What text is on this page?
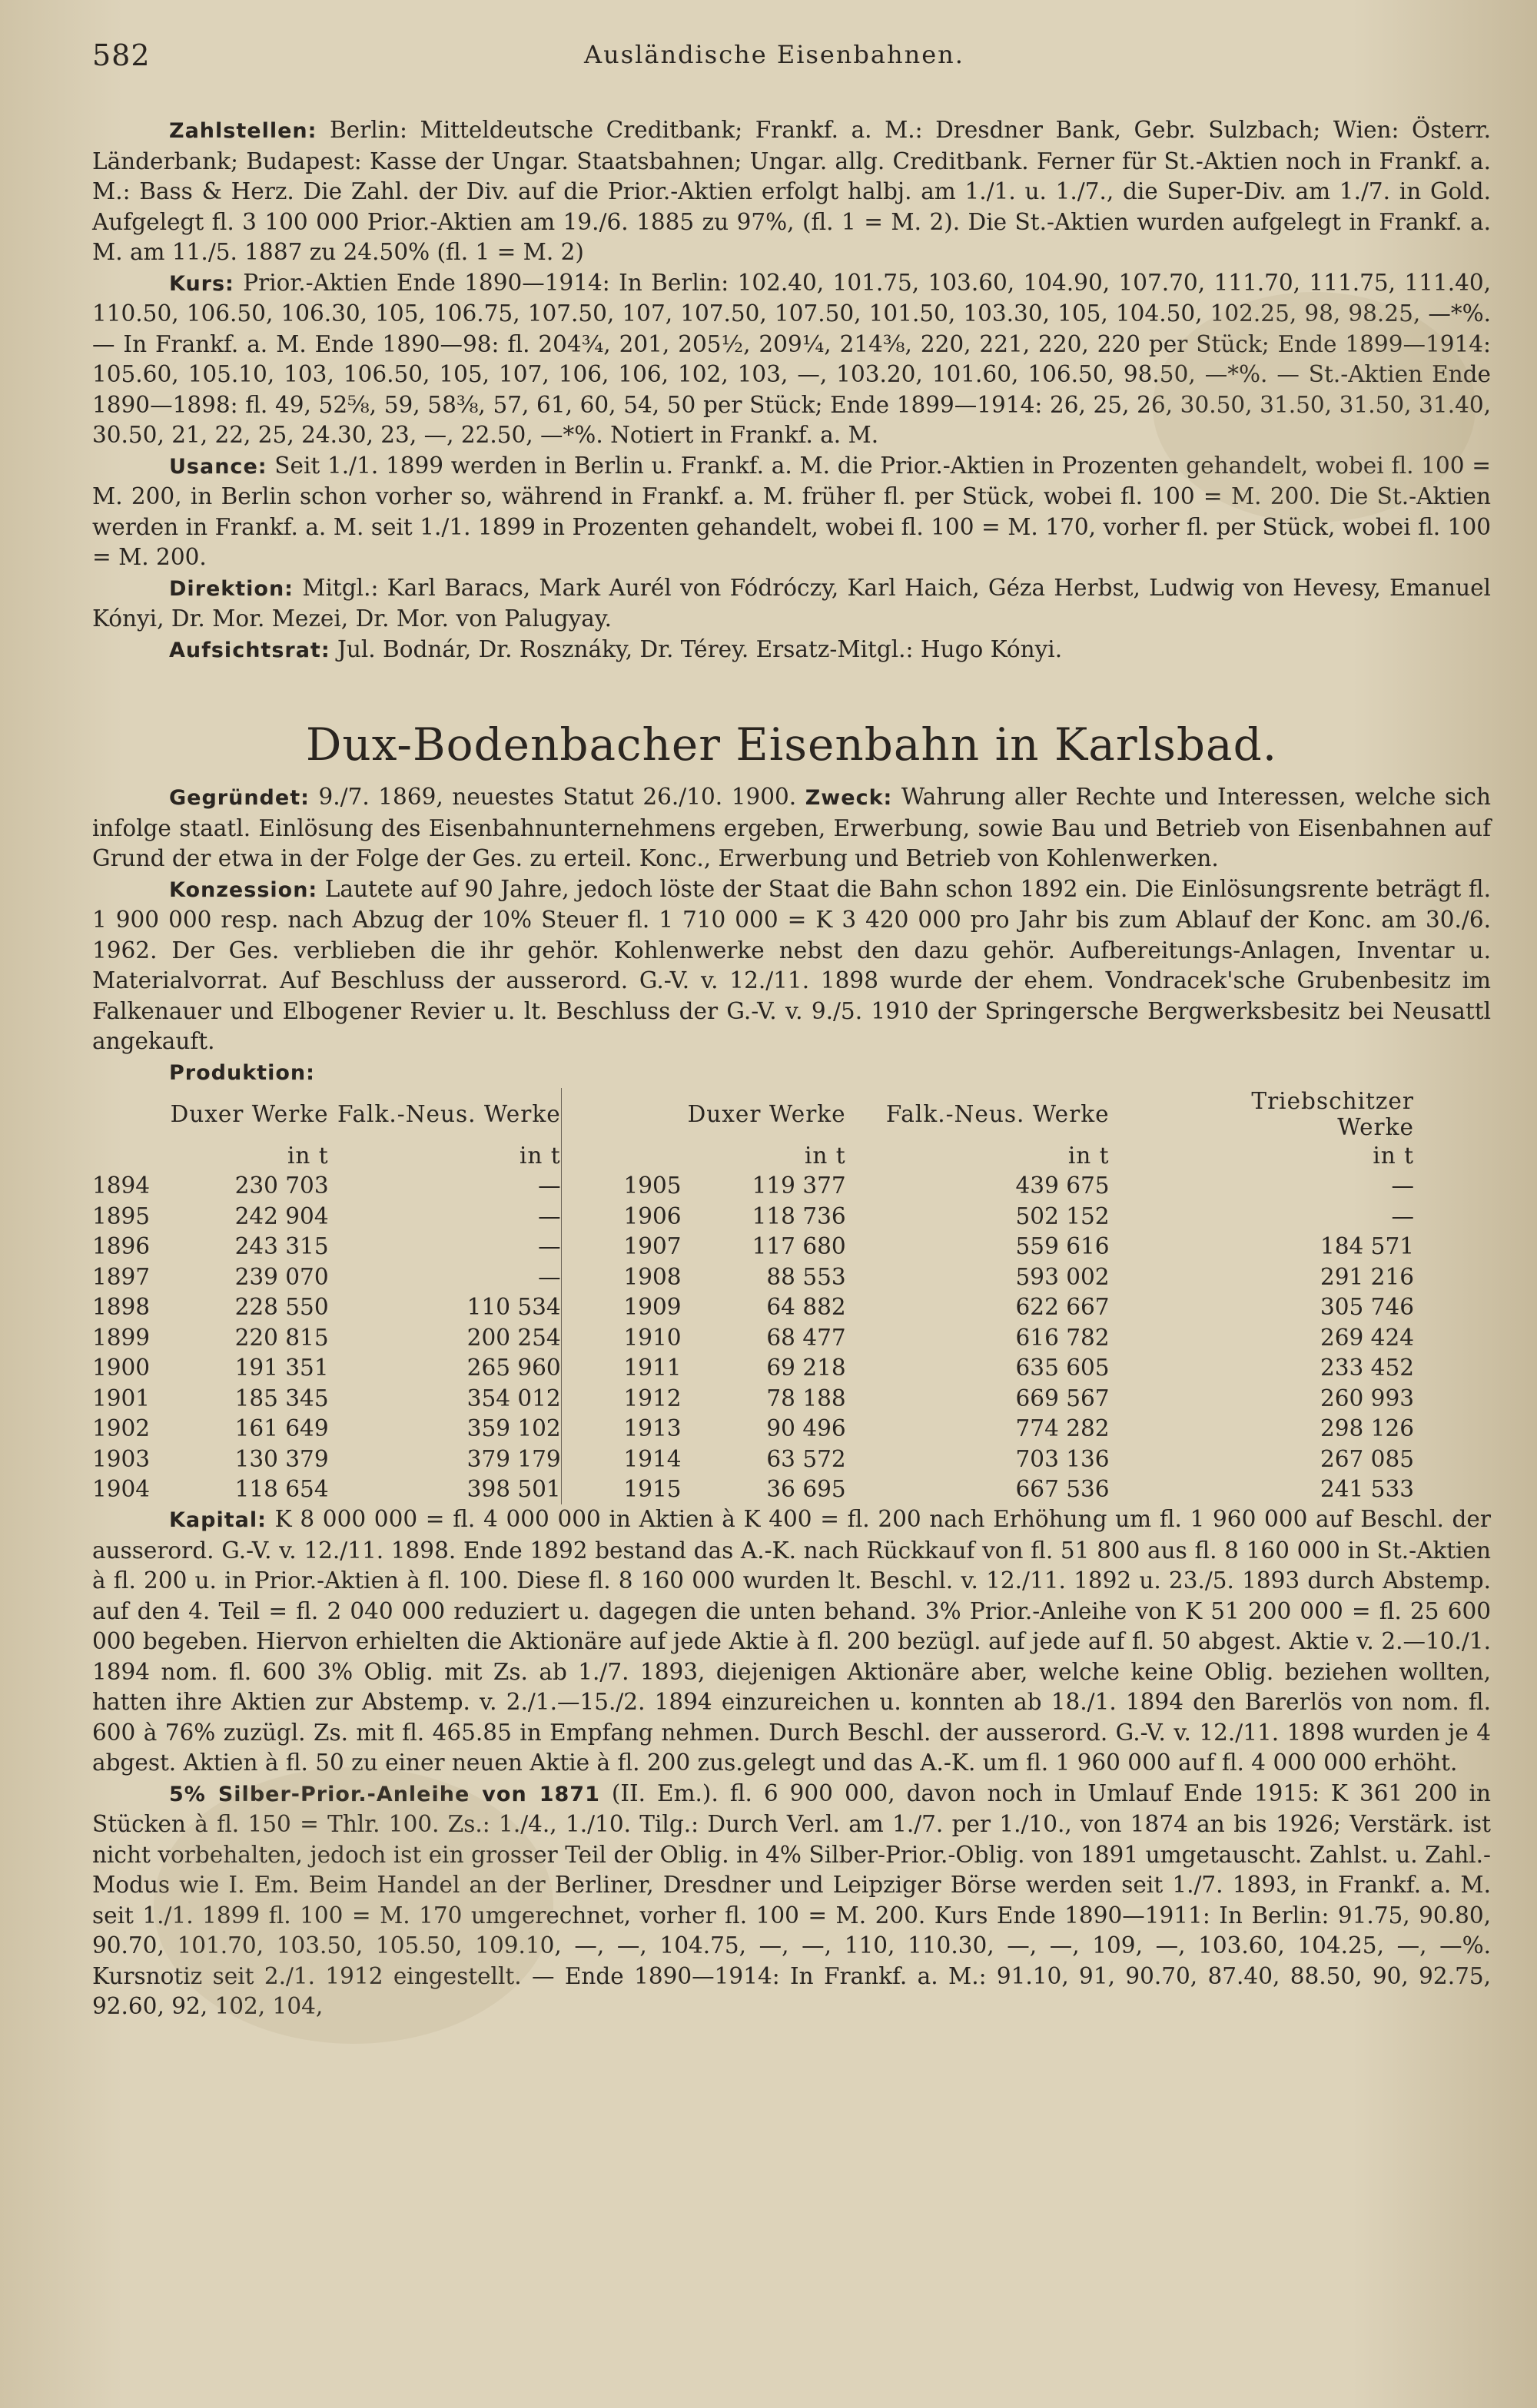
582	Ausländische Eisenbahnen.

Zahlstellen: Berlin: Mitteldeutsche Creditbank; Frankf. a. M.: Dresdner Bank, Gebr. Sulzbach; Wien: Österr. Länderbank; Budapest: Kasse der Ungar. Staatsbahnen; Ungar. allg. Creditbank. Ferner für St.-Aktien noch in Frankf. a. M.: Bass & Herz. Die Zahl. der Div. auf die Prior.-Aktien erfolgt halbj. am 1./1. u. 1./7., die Super-Div. am 1./7. in Gold. Aufgelegt fl. 3 100 000 Prior.-Aktien am 19./6. 1885 zu 97%, (fl. 1 = M. 2). Die St.-Aktien wurden aufgelegt in Frankf. a. M. am 11./5. 1887 zu 24.50% (fl. 1 = M. 2)

Kurs: Prior.-Aktien Ende 1890—1914: In Berlin: 102.40, 101.75, 103.60, 104.90, 107.70, 111.70, 111.75, 111.40, 110.50, 106.50, 106.30, 105, 106.75, 107.50, 107, 107.50, 107.50, 101.50, 103.30, 105, 104.50, 102.25, 98, 98.25, —*%. — In Frankf. a. M. Ende 1890—98: fl. 204¾, 201, 205½, 209¼, 214⅜, 220, 221, 220, 220 per Stück; Ende 1899—1914: 105.60, 105.10, 103, 106.50, 105, 107, 106, 106, 102, 103, —, 103.20, 101.60, 106.50, 98.50, —*%. — St.-Aktien Ende 1890—1898: fl. 49, 52⅝, 59, 58⅜, 57, 61, 60, 54, 50 per Stück; Ende 1899—1914: 26, 25, 26, 30.50, 31.50, 31.50, 31.40, 30.50, 21, 22, 25, 24.30, 23, —, 22.50, —*%. Notiert in Frankf. a. M.

Usance: Seit 1./1. 1899 werden in Berlin u. Frankf. a. M. die Prior.-Aktien in Prozenten gehandelt, wobei fl. 100 = M. 200, in Berlin schon vorher so, während in Frankf. a. M. früher fl. per Stück, wobei fl. 100 = M. 200. Die St.-Aktien werden in Frankf. a. M. seit 1./1. 1899 in Prozenten gehandelt, wobei fl. 100 = M. 170, vorher fl. per Stück, wobei fl. 100 = M. 200.

Direktion: Mitgl.: Karl Baracs, Mark Aurél von Fódróczy, Karl Haich, Géza Herbst, Ludwig von Hevesy, Emanuel Kónyi, Dr. Mor. Mezei, Dr. Mor. von Palugyay.

Aufsichtsrat: Jul. Bodnár, Dr. Rosznáky, Dr. Térey. Ersatz-Mitgl.: Hugo Kónyi.

Dux-Bodenbacher Eisenbahn in Karlsbad.

Gegründet: 9./7. 1869, neuestes Statut 26./10. 1900. Zweck: Wahrung aller Rechte und Interessen, welche sich infolge staatl. Einlösung des Eisenbahnunternehmens ergeben, Erwerbung, sowie Bau und Betrieb von Eisenbahnen auf Grund der etwa in der Folge der Ges. zu erteil. Konc., Erwerbung und Betrieb von Kohlenwerken.

Konzession: Lautete auf 90 Jahre, jedoch löste der Staat die Bahn schon 1892 ein. Die Einlösungsrente beträgt fl. 1 900 000 resp. nach Abzug der 10% Steuer fl. 1 710 000 = K 3 420 000 pro Jahr bis zum Ablauf der Konc. am 30./6. 1962. Der Ges. verblieben die ihr gehör. Kohlenwerke nebst den dazu gehör. Aufbereitungs-Anlagen, Inventar u. Materialvorrat. Auf Beschluss der ausserord. G.-V. v. 12./11. 1898 wurde der ehem. Vondracek'sche Grubenbesitz im Falkenauer und Elbogener Revier u. lt. Beschluss der G.-V. v. 9./5. 1910 der Springersche Bergwerksbesitz bei Neusattl angekauft.

Produktion:

	Duxer Werke	Falk.-Neus. Werke		Duxer Werke	Falk.-Neus. Werke	Triebschitzer
Werke
	in t	in t		in t	in t	in t
1894	230 703	—	1905	119 377	439 675	—
1895	242 904	—	1906	118 736	502 152	—
1896	243 315	—	1907	117 680	559 616	184 571
1897	239 070	—	1908	88 553	593 002	291 216
1898	228 550	110 534	1909	64 882	622 667	305 746
1899	220 815	200 254	1910	68 477	616 782	269 424
1900	191 351	265 960	1911	69 218	635 605	233 452
1901	185 345	354 012	1912	78 188	669 567	260 993
1902	161 649	359 102	1913	90 496	774 282	298 126
1903	130 379	379 179	1914	63 572	703 136	267 085
1904	118 654	398 501	1915	36 695	667 536	241 533

Kapital: K 8 000 000 = fl. 4 000 000 in Aktien à K 400 = fl. 200 nach Erhöhung um fl. 1 960 000 auf Beschl. der ausserord. G.-V. v. 12./11. 1898. Ende 1892 bestand das A.-K. nach Rückkauf von fl. 51 800 aus fl. 8 160 000 in St.-Aktien à fl. 200 u. in Prior.-Aktien à fl. 100. Diese fl. 8 160 000 wurden lt. Beschl. v. 12./11. 1892 u. 23./5. 1893 durch Abstemp. auf den 4. Teil = fl. 2 040 000 reduziert u. dagegen die unten behand. 3% Prior.-Anleihe von K 51 200 000 = fl. 25 600 000 begeben. Hiervon erhielten die Aktionäre auf jede Aktie à fl. 200 bezügl. auf jede auf fl. 50 abgest. Aktie v. 2.—10./1. 1894 nom. fl. 600 3% Oblig. mit Zs. ab 1./7. 1893, diejenigen Aktionäre aber, welche keine Oblig. beziehen wollten, hatten ihre Aktien zur Abstemp. v. 2./1.—15./2. 1894 einzureichen u. konnten ab 18./1. 1894 den Barerlös von nom. fl. 600 à 76% zuzügl. Zs. mit fl. 465.85 in Empfang nehmen. Durch Beschl. der ausserord. G.-V. v. 12./11. 1898 wurden je 4 abgest. Aktien à fl. 50 zu einer neuen Aktie à fl. 200 zus.gelegt und das A.-K. um fl. 1 960 000 auf fl. 4 000 000 erhöht.

5% Silber-Prior.-Anleihe von 1871 (II. Em.). fl. 6 900 000, davon noch in Umlauf Ende 1915: K 361 200 in Stücken à fl. 150 = Thlr. 100. Zs.: 1./4., 1./10. Tilg.: Durch Verl. am 1./7. per 1./10., von 1874 an bis 1926; Verstärk. ist nicht vorbehalten, jedoch ist ein grosser Teil der Oblig. in 4% Silber-Prior.-Oblig. von 1891 umgetauscht. Zahlst. u. Zahl.-Modus wie I. Em. Beim Handel an der Berliner, Dresdner und Leipziger Börse werden seit 1./7. 1893, in Frankf. a. M. seit 1./1. 1899 fl. 100 = M. 170 umgerechnet, vorher fl. 100 = M. 200. Kurs Ende 1890—1911: In Berlin: 91.75, 90.80, 90.70, 101.70, 103.50, 105.50, 109.10, —, —, 104.75, —, —, 110, 110.30, —, —, 109, —, 103.60, 104.25, —, —%. Kursnotiz seit 2./1. 1912 eingestellt. — Ende 1890—1914: In Frankf. a. M.: 91.10, 91, 90.70, 87.40, 88.50, 90, 92.75, 92.60, 92, 102, 104,
